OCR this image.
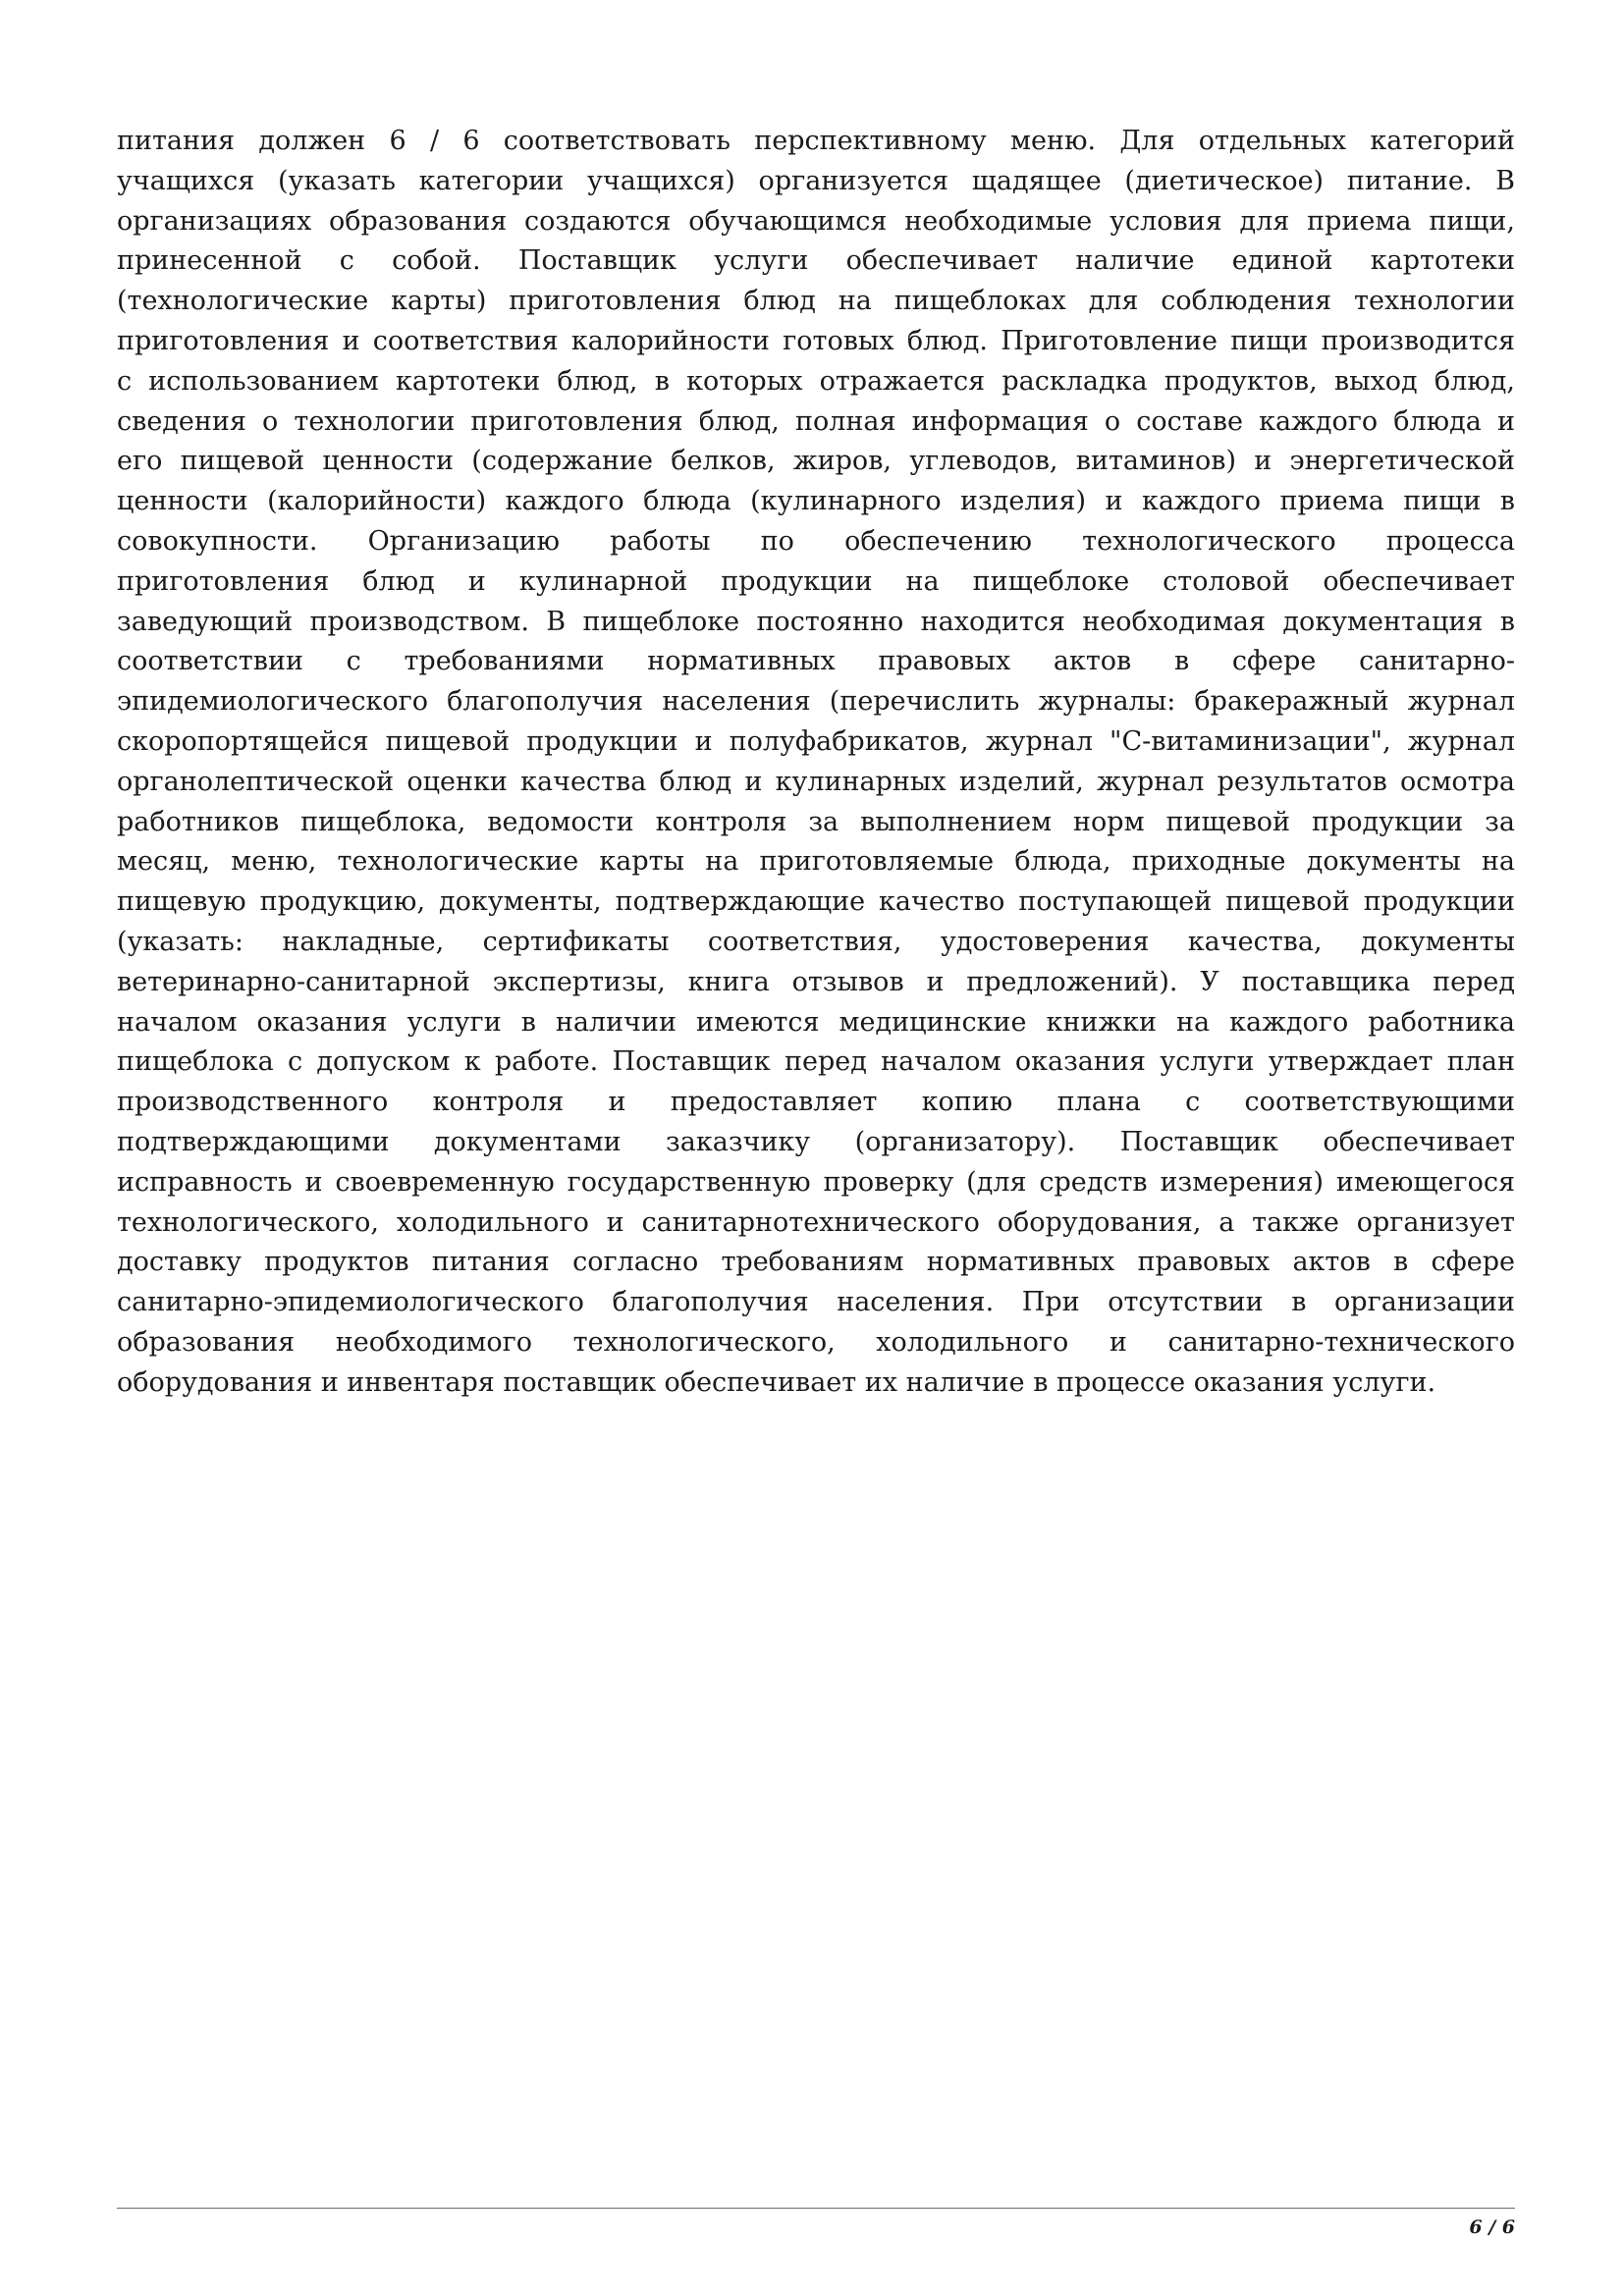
питания должен 6 / 6 соответствовать перспективному меню. Для отдельных категорий
учащихся (указать категории учащихся) организуется щадящее (диетическое) питание. В
организациях образования создаются обучающимся необходимые условия для приема пищи,
принесенной с собой. Поставщик услуги обеспечивает наличие единой картотеки
(технологические карты) приготовления блюд на пищеблоках для соблюдения технологии
приготовления и соответствия калорийности готовых блюд. Приготовление пищи производится
с использованием картотеки блюд, в которых отражается раскладка продуктов, выход блюд,
сведения о технологии приготовления блюд, полная информация о составе каждого блюда и
его пищевой ценности (содержание белков, жиров, углеводов, витаминов) и энергетической
ценности (калорийности) каждого блюда (кулинарного изделия) и каждого приема пищи в
совокупности. Организацию работы по обеспечению технологического процесса
приготовления блюд и кулинарной продукции на пищеблоке столовой обеспечивает
заведующий производством. В пищеблоке постоянно находится необходимая документация в
соответствии с требованиями нормативных правовых актов в сфере санитарно-
эпидемиологического благополучия населения (перечислить журналы: бракеражный журнал
скоропортящейся пищевой продукции и полуфабрикатов, журнал "С-витаминизации", журнал
органолептической оценки качества блюд и кулинарных изделий, журнал результатов осмотра
работников пищеблока, ведомости контроля за выполнением норм пищевой продукции за
месяц, меню, технологические карты на приготовляемые блюда, приходные документы на
пищевую продукцию, документы, подтверждающие качество поступающей пищевой продукции
(указать: накладные, сертификаты соответствия, удостоверения качества, документы
ветеринарно-санитарной экспертизы, книга отзывов и предложений). У поставщика перед
началом оказания услуги в наличии имеются медицинские книжки на каждого работника
пищеблока с допуском к работе. Поставщик перед началом оказания услуги утверждает план
производственного контроля и предоставляет копию плана с соответствующими
подтверждающими документами заказчику (организатору). Поставщик обеспечивает
исправность и своевременную государственную проверку (для средств измерения) имеющегося
технологического, холодильного и санитарнотехнического оборудования, а также организует
доставку продуктов питания согласно требованиям нормативных правовых актов в сфере
санитарно-эпидемиологического благополучия населения. При отсутствии в организации
образования необходимого технологического, холодильного и санитарно-технического
оборудования и инвентаря поставщик обеспечивает их наличие в процессе оказания услуги.
6 / 6
